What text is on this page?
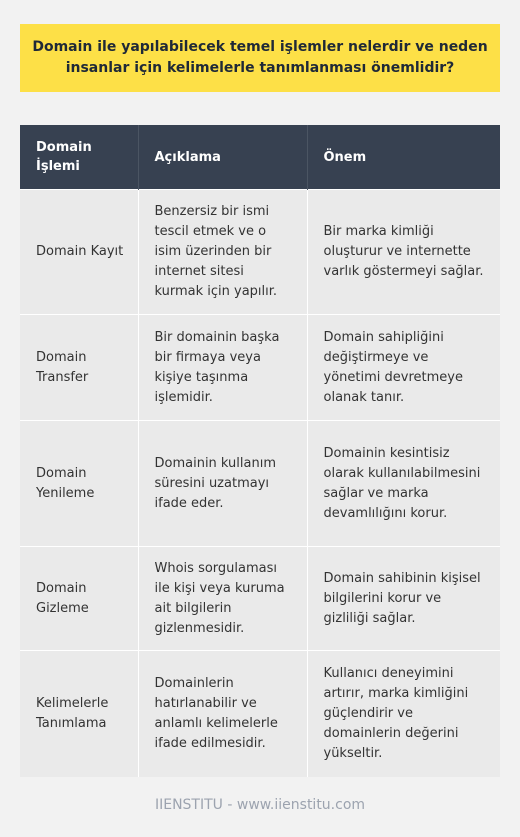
Domain ile yapılabilecek temel işlemler nelerdir ve neden insanlar için kelimelerle tanımlanması önemlidir?
Domain İşlemi	Açıklama	Önem
Domain Kayıt	Benzersiz bir ismi tescil etmek ve o isim üzerinden bir internet sitesi kurmak için yapılır.	Bir marka kimliği oluşturur ve internette varlık göstermeyi sağlar.
Domain Transfer	Bir domainin başka bir firmaya veya kişiye taşınma işlemidir.	Domain sahipliğini değiştirmeye ve yönetimi devretmeye olanak tanır.
Domain Yenileme	Domainin kullanım süresini uzatmayı ifade eder.	Domainin kesintisiz olarak kullanılabilmesini sağlar ve marka devamlılığını korur.
Domain Gizleme	Whois sorgulaması ile kişi veya kuruma ait bilgilerin gizlenmesidir.	Domain sahibinin kişisel bilgilerini korur ve gizliliği sağlar.
Kelimelerle Tanımlama	Domainlerin hatırlanabilir ve anlamlı kelimelerle ifade edilmesidir.	Kullanıcı deneyimini artırır, marka kimliğini güçlendirir ve domainlerin değerini yükseltir.
IIENSTITU - www.iienstitu.com
